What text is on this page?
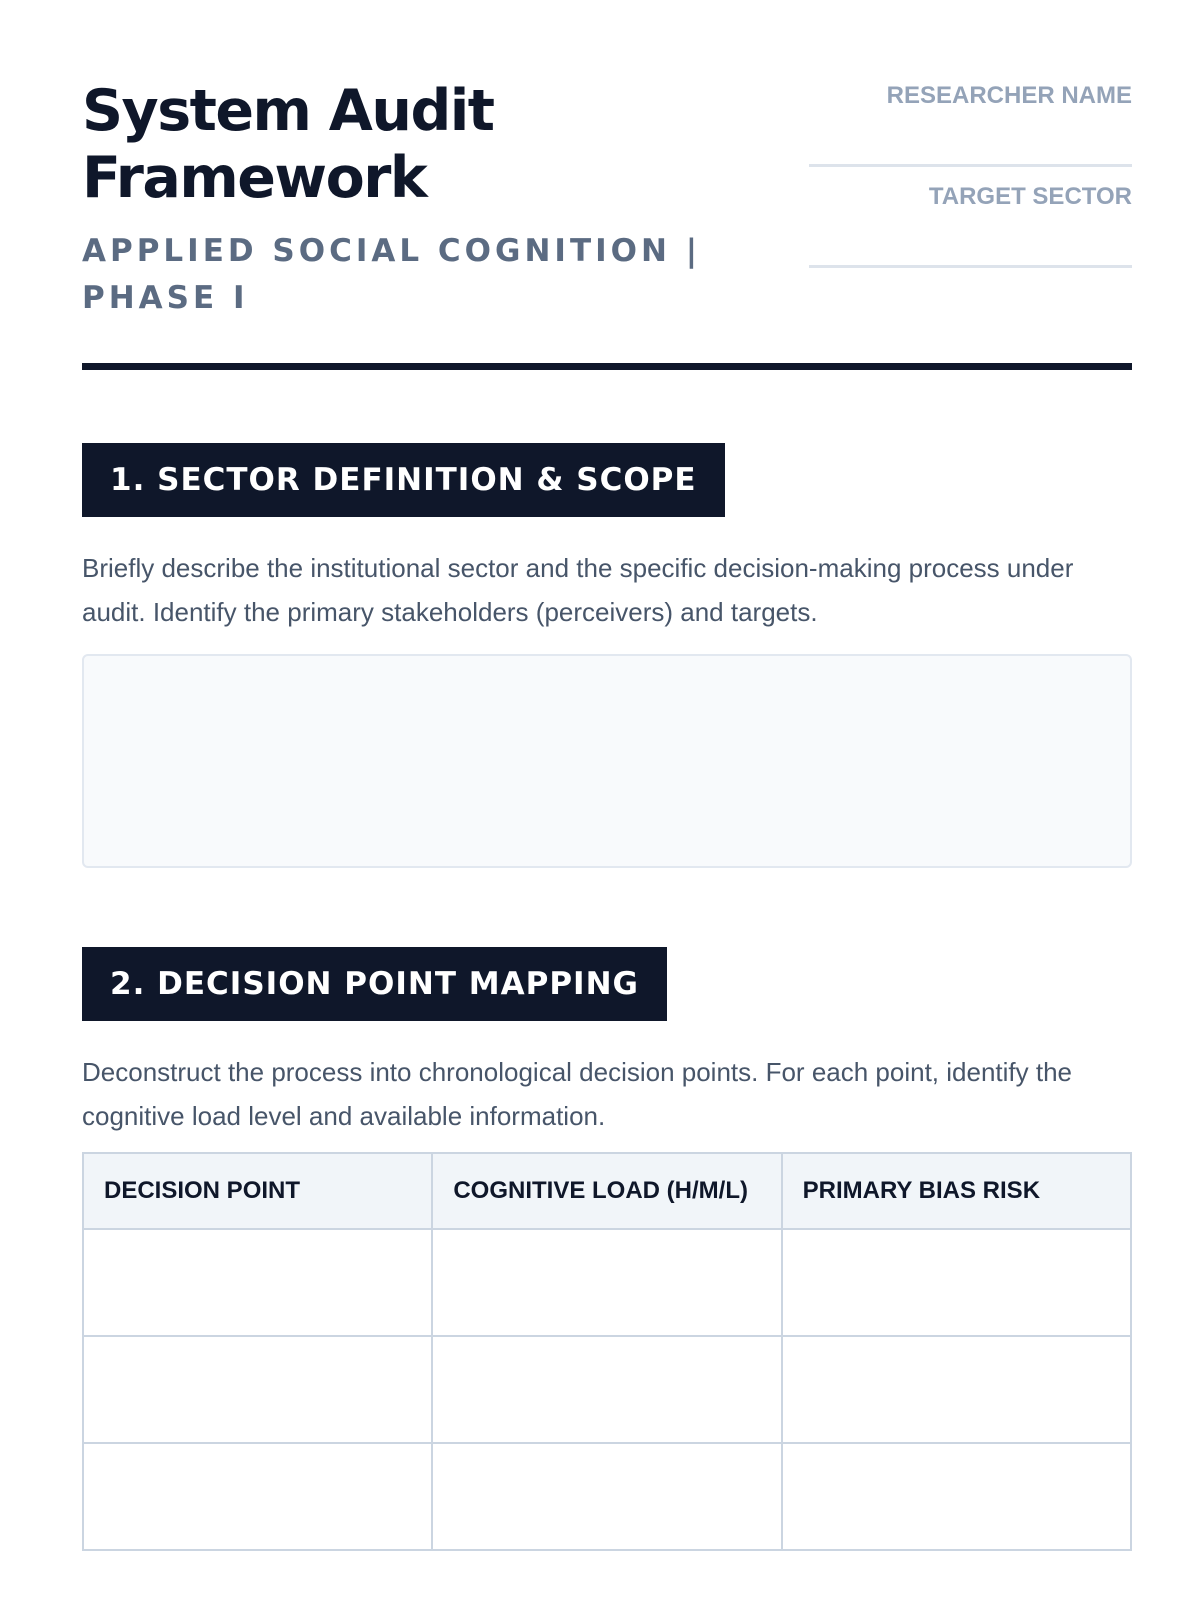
System Audit Framework

APPLIED SOCIAL COGNITION | PHASE I

RESEARCHER NAME
TARGET SECTOR
1. SECTOR DEFINITION & SCOPE

Briefly describe the institutional sector and the specific decision-making process under audit. Identify the primary stakeholders (perceivers) and targets.

2. DECISION POINT MAPPING

Deconstruct the process into chronological decision points. For each point, identify the cognitive load level and available information.

DECISION POINT	COGNITIVE LOAD (H/M/L)	PRIMARY BIAS RISK
